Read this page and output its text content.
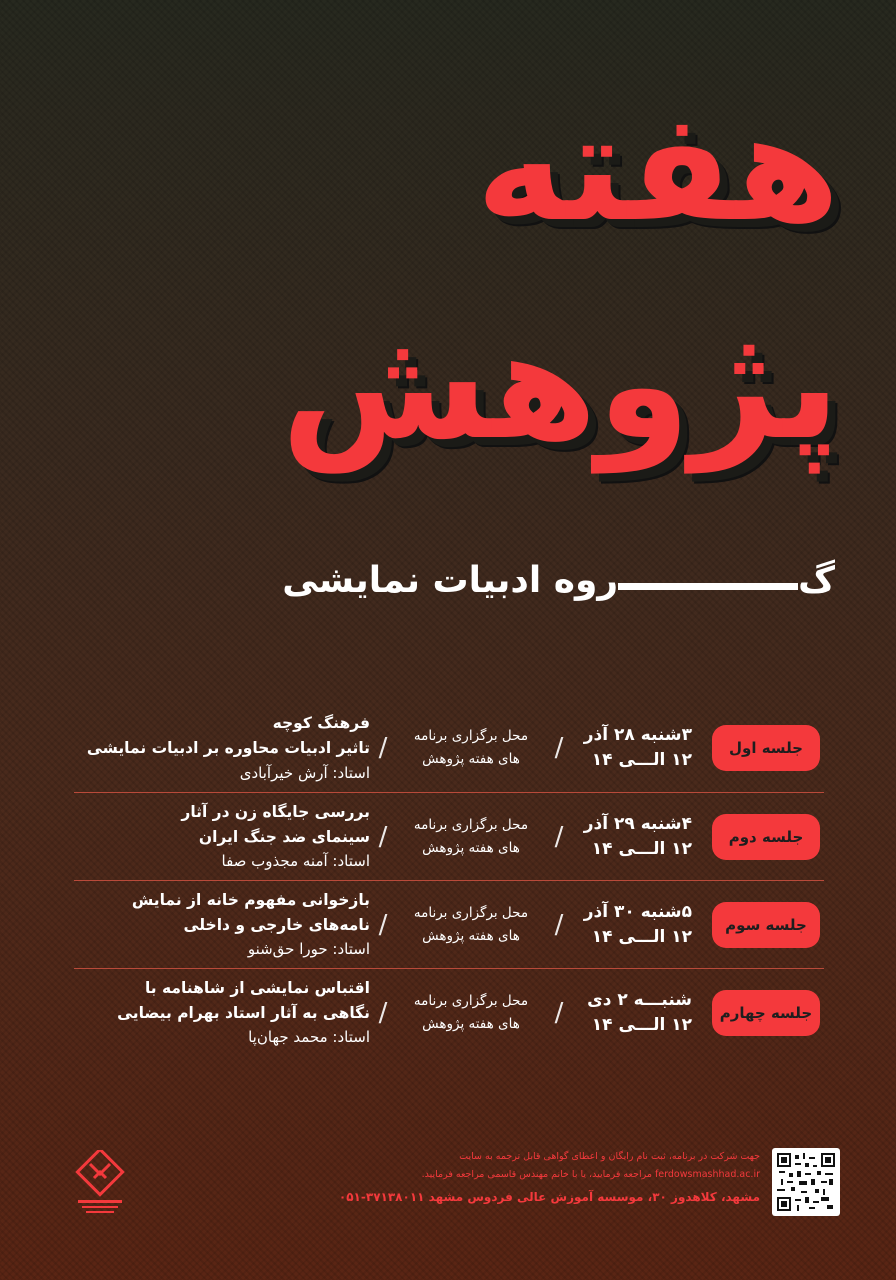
هفته پژوهش
گ
روه ادبیات نمایشی
جلسه اول
۳شنبه ۲۸ آذر
۱۲ الـــی ۱۴
/
محل برگزاری برنامه
های هفته پژوهش
/
فرهنگ کوچه
تاثیر ادبیات محاوره بر ادبیات نمایشی
استاد: آرش خیرآبادی
جلسه دوم
۴شنبه ۲۹ آذر
۱۲ الـــی ۱۴
/
محل برگزاری برنامه
های هفته پژوهش
/
بررسی جایگاه زن در آثار
سینمای ضد جنگ ایران
استاد: آمنه مجذوب صفا
جلسه سوم
۵شنبه ۳۰ آذر
۱۲ الـــی ۱۴
/
محل برگزاری برنامه
های هفته پژوهش
/
بازخوانی مفهوم خانه از نمایش
نامه‌های خارجی و داخلی
استاد: حورا حق‌شنو
جلسه چهارم
شنبـــه ۲ دی
۱۲ الـــی ۱۴
/
محل برگزاری برنامه
های هفته پژوهش
/
اقتباس نمایشی از شاهنامه با
نگاهی به آثار استاد بهرام بیضایی
استاد: محمد جهان‌پا
جهت شرکت در برنامه، ثبت نام رایگان و اعطای گواهی قابل ترجمه به سایت
ferdowsmashhad.ac.ir مراجعه فرمایید، یا با خانم مهندس قاسمی مراجعه فرمایید.
مشهد، کلاهدوز ۳۰، موسسه آموزش عالی فردوس مشهد ۳۷۱۳۸۰۱۱-۰۵۱
